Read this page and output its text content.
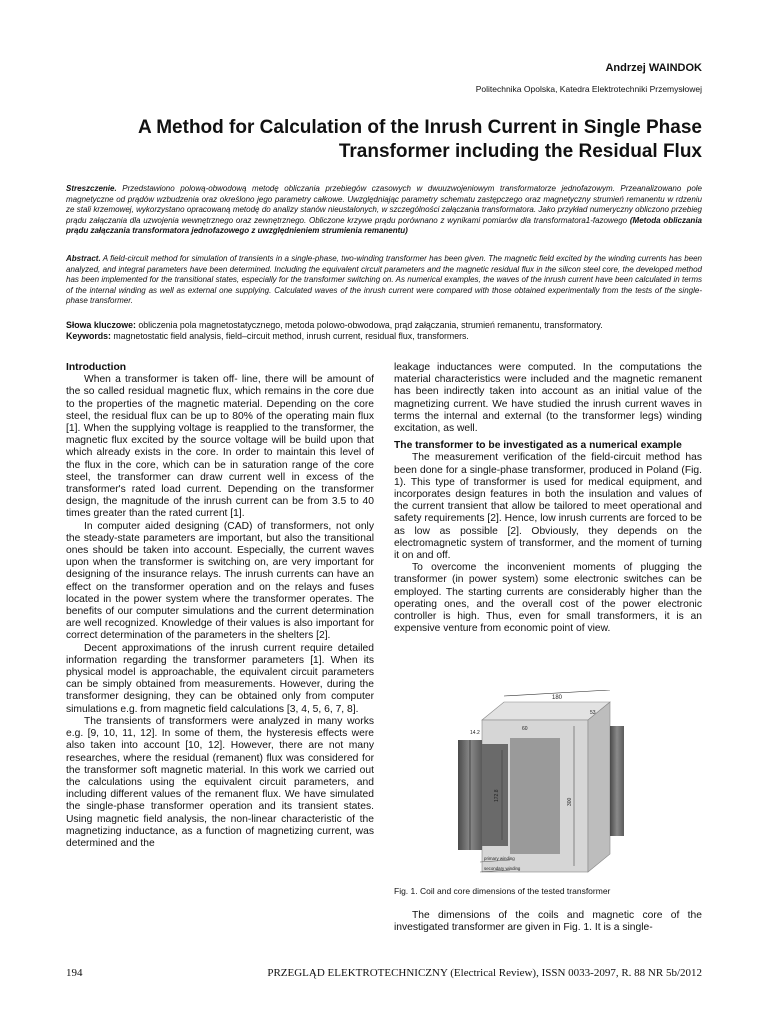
Andrzej WAINDOK
Politechnika Opolska, Katedra Elektrotechniki Przemysłowej
A Method for Calculation of the Inrush Current in Single Phase Transformer including the Residual Flux
Streszczenie. Przedstawiono polową-obwodową metodę obliczania przebiegów czasowych w dwuuzwojeniowym transformatorze jednofazowym. Przeanalizowano pole magnetyczne od prądów wzbudzenia oraz określono jego parametry całkowe. Uwzględniając parametry schematu zastępczego oraz magnetyczny strumień remanentu w rdzeniu ze stali krzemowej, wykorzystano opracowaną metodę do analizy stanów nieustalonych, w szczególności załączania transformatora. Jako przykład numeryczny obliczono przebieg prądu załączania dla uzwojenia wewnętrznego oraz zewnętrznego. Obliczone krzywe prądu porównano z wynikami pomiarów dla transformatora1-fazowego (Metoda obliczania prądu załączania transformatora jednofazowego z uwzględnieniem strumienia remanentu)
Abstract. A field-circuit method for simulation of transients in a single-phase, two-winding transformer has been given. The magnetic field excited by the winding currents has been analyzed, and integral parameters have been determined. Including the equivalent circuit parameters and the magnetic residual flux in the silicon steel core, the developed method has been implemented for the transitional states, especially for the transformer switching on. As numerical examples, the waves of the inrush current have been calculated in terms of the internal winding as well as external one supplying. Calculated waves of the inrush current were compared with those obtained experimentally from the tests of the single-phase transformer.
Słowa kluczowe: obliczenia pola magnetostatycznego, metoda polowo-obwodowa, prąd załączania, strumień remanentu, transformatory.
Keywords: magnetostatic field analysis, field–circuit method, inrush current, residual flux, transformers.

Introduction

When a transformer is taken off- line, there will be amount of the so called residual magnetic flux, which remains in the core due to the properties of the magnetic material. Depending on the core steel, the residual flux can be up to 80% of the operating main flux [1]. When the supplying voltage is reapplied to the transformer, the magnetic flux excited by the source voltage will be build upon that which already exists in the core. In order to maintain this level of the flux in the core, which can be in saturation range of the core steel, the transformer can draw current well in excess of the transformer's rated load current. Depending on the transformer design, the magnitude of the inrush current can be from 3.5 to 40 times greater than the rated current [1].

In computer aided designing (CAD) of transformers, not only the steady-state parameters are important, but also the transitional ones should be taken into account. Especially, the current waves upon when the transformer is switching on, are very important for designing of the insurance relays. The inrush currents can have an effect on the transformer operation and on the relays and fuses located in the power system where the transformer operates. The benefits of our computer simulations and the current determination are well recognized. Knowledge of their values is also important for correct determination of the parameters in the shelters [2].

Decent approximations of the inrush current require detailed information regarding the transformer parameters [1]. When its physical model is approachable, the equivalent circuit parameters can be simply obtained from measurements. However, during the transformer designing, they can be obtained only from computer simulations e.g. from magnetic field calculations [3, 4, 5, 6, 7, 8].

The transients of transformers were analyzed in many works e.g. [9, 10, 11, 12]. In some of them, the hysteresis effects were also taken into account [10, 12]. However, there are not many researches, where the residual (remanent) flux was considered for the transformer soft magnetic material. In this work we carried out the calculations using the equivalent circuit parameters, and including different values of the remanent flux. We have simulated the single-phase transformer operation and its transient states. Using magnetic field analysis, the non-linear characteristic of the magnetizing inductance, as a function of magnetizing current, was determined and the

leakage inductances were computed. In the computations the material characteristics were included and the magnetic remanent has been indirectly taken into account as an initial value of the magnetizing current. We have studied the inrush current waves in terms the internal and external (to the transformer legs) winding excitation, as well.

The transformer to be investigated as a numerical example

The measurement verification of the field-circuit method has been done for a single-phase transformer, produced in Poland (Fig. 1). This type of transformer is used for medical equipment, and incorporates design features in both the insulation and values of the current transient that allow be tailored to meet operational and safety requirements [2]. Hence, low inrush currents are forced to be as low as possible [2]. Obviously, they depends on the electromagnetic system of transformer, and the moment of turning it on and off.

To overcome the inconvenient moments of plugging the transformer (in power system) some electronic switches can be employed. The starting currents are considerably higher than the operating ones, and the overall cost of the power electronic controller is high. Thus, even for small transformers, it is an expensive venture from economic point of view.

180
14.2
60
53
172.8	300
primary winding
secondary winding
Fig. 1. Coil and core dimensions of the tested transformer

The dimensions of the coils and magnetic core of the investigated transformer are given in Fig. 1. It is a single-

194	PRZEGLĄD ELEKTROTECHNICZNY (Electrical Review), ISSN 0033-2097, R. 88 NR 5b/2012
